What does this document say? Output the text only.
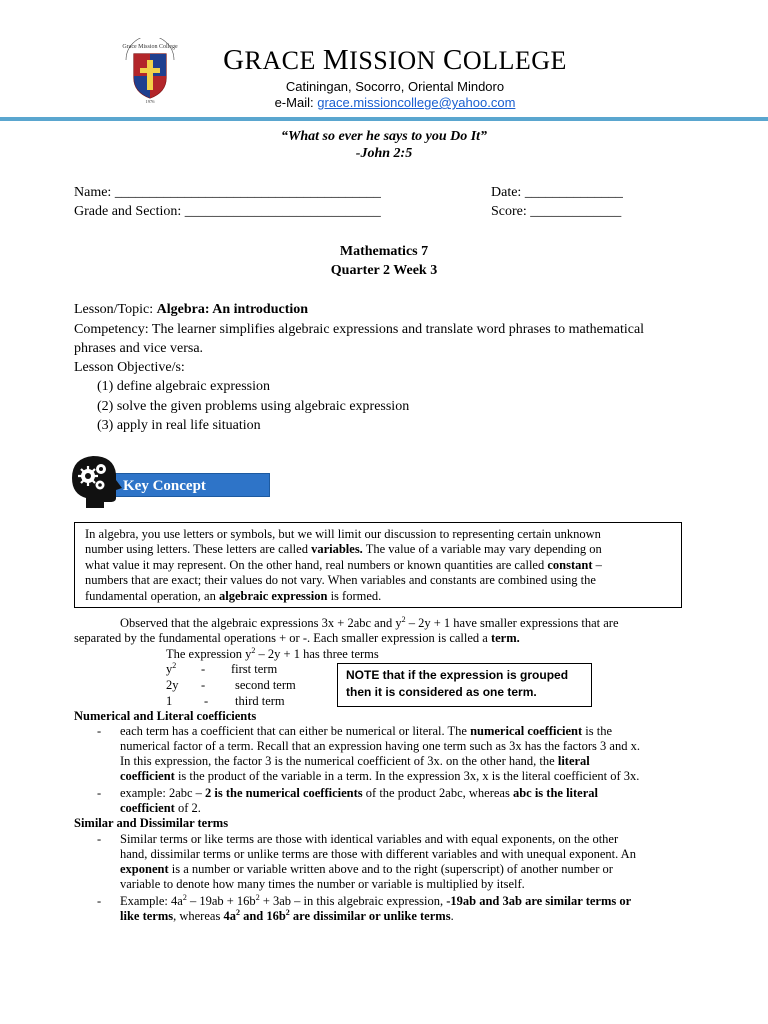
Grace Mission College
1976
GRACE MISSION COLLEGE
Catiningan, Socorro, Oriental Mindoro
e-Mail: grace.missioncollege@yahoo.com
“What so ever he says to you Do It”
-John 2:5
Name: ______________________________________	Date: ______________
Grade and Section: ____________________________	Score: _____________
Mathematics 7
Quarter 2 Week 3
Lesson/Topic: Algebra: An introduction
Competency: The learner simplifies algebraic expressions and translate word phrases to mathematical
phrases and vice versa.
Lesson Objective/s:
(1) define algebraic expression
(2) solve the given problems using algebraic expression
(3) apply in real life situation
Key Concept
In algebra, you use letters or symbols, but we will limit our discussion to representing certain unknown
number using letters. These letters are called variables. The value of a variable may vary depending on
what value it may represent. On the other hand, real numbers or known quantities are called constant –
numbers that are exact; their values do not vary. When variables and constants are combined using the
fundamental operation, an algebraic expression is formed.
Observed that the algebraic expressions 3x + 2abc and $y^2 - 2y + 1$ have smaller expressions that are
separated by the fundamental operations + or -. Each smaller expression is called a term.
The expression $y^2 - 2y + 1$ has three terms
$y^2$ - first term
2y - second term
1	- third term
NOTE that if the expression is grouped then it is considered as one term.
Numerical and Literal coefficients
- each term has a coefficient that can either be numerical or literal. The numerical coefficient is the
numerical factor of a term. Recall that an expression having one term such as 3x has the factors 3 and x.
In this expression, the factor 3 is the numerical coefficient of 3x. on the other hand, the literal
coefficient is the product of the variable in a term. In the expression 3x, x is the literal coefficient of 3x.
- example: 2abc – 2 is the numerical coefficients of the product 2abc, whereas abc is the literal
coefficient of 2.
Similar and Dissimilar terms
- Similar terms or like terms are those with identical variables and with equal exponents, on the other
hand, dissimilar terms or unlike terms are those with different variables and with unequal exponent. An
exponent is a number or variable written above and to the right (superscript) of another number or
variable to denote how many times the number or variable is multiplied by itself.
- Example: $4a^2 - 19ab + 16b^2 + 3ab$ – in this algebraic expression, -19ab and 3ab are similar terms or
like terms, whereas $4a^2$ and $16b^2$ are dissimilar or unlike terms.
